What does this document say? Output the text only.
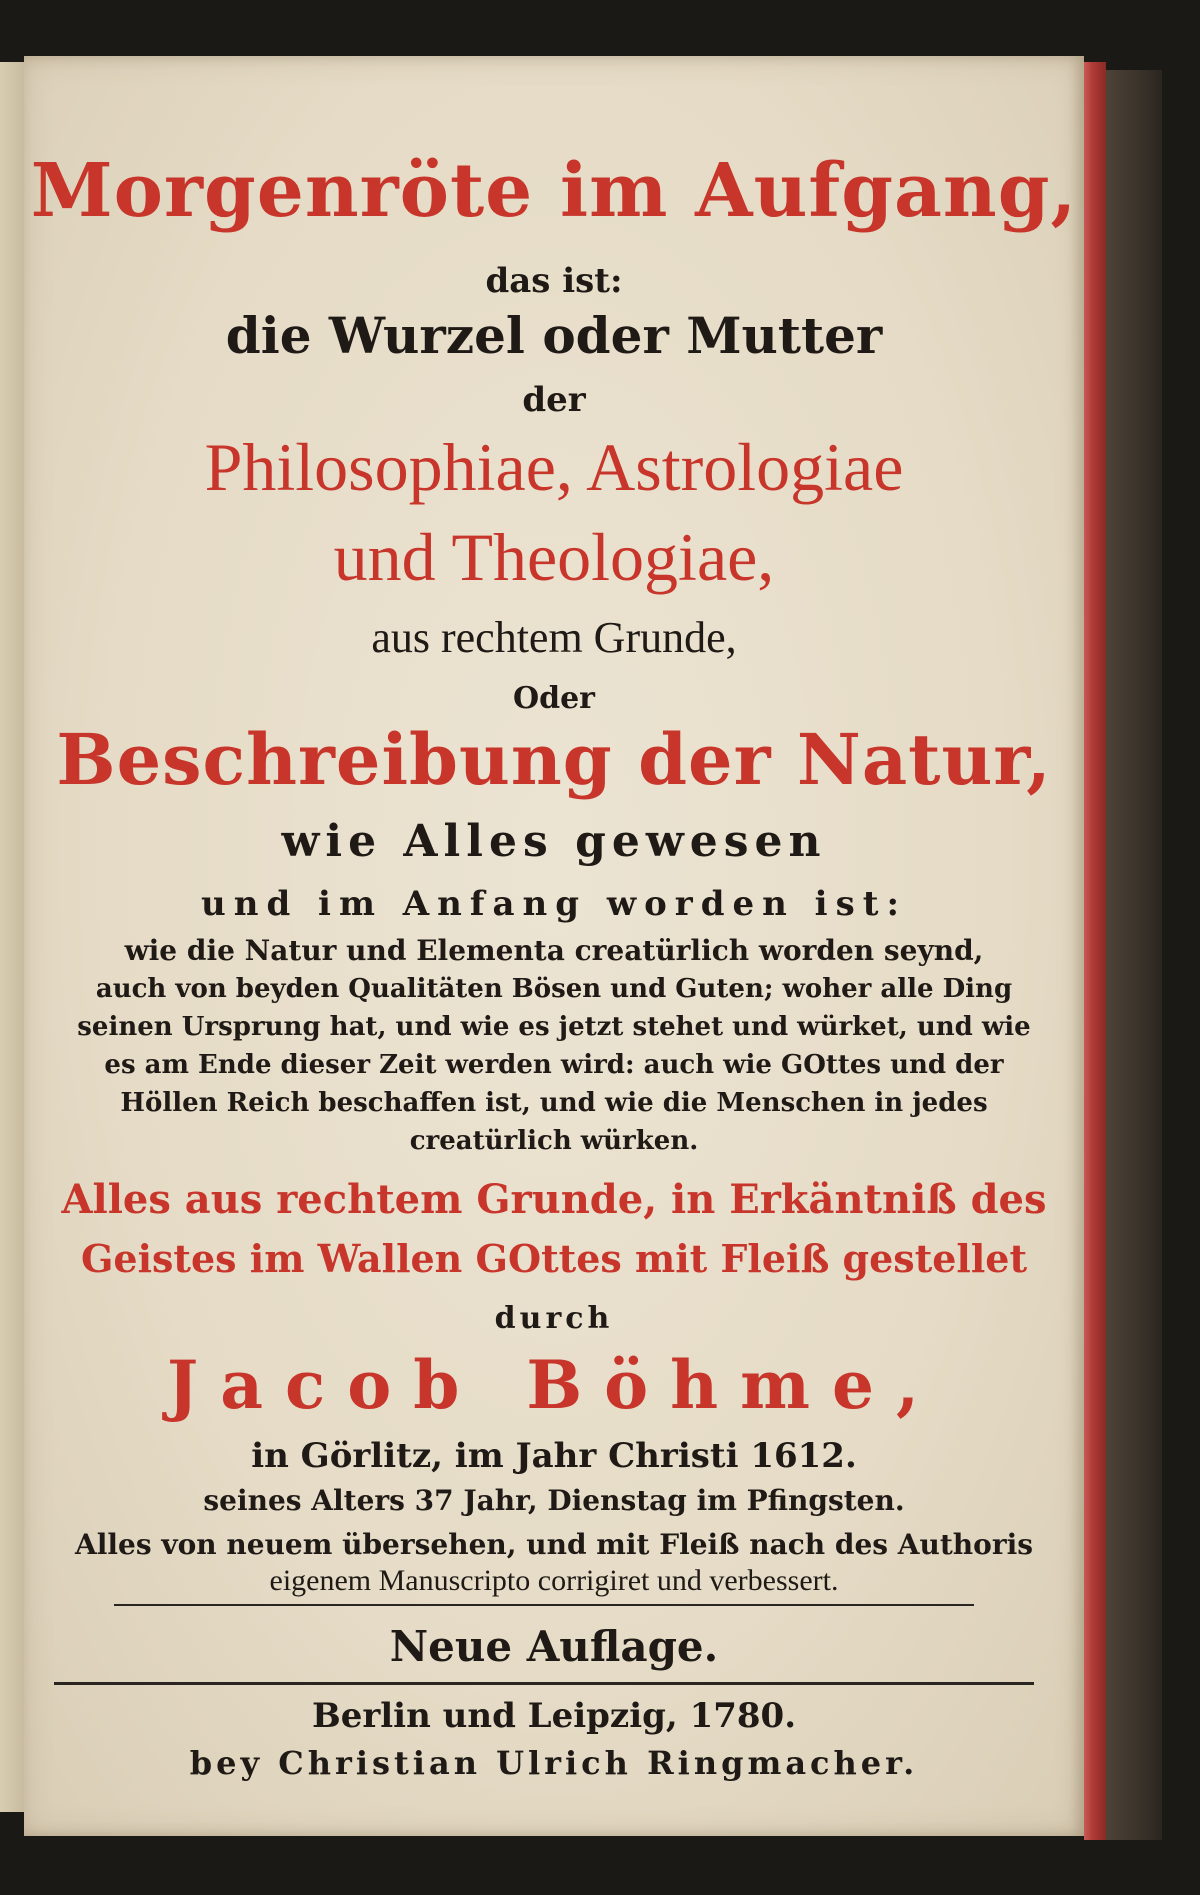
Morgenröte im Aufgang,
das ist:
die Wurzel oder Mutter
der
Philosophiae, Astrologiae
und Theologiae,
aus rechtem Grunde,
Oder
Beschreibung der Natur,
wie Alles gewesen
und im Anfang worden ist:
wie die Natur und Elementa creatürlich worden seynd,
auch von beyden Qualitäten Bösen und Guten; woher alle Ding
seinen Ursprung hat, und wie es jetzt stehet und würket, und wie
es am Ende dieser Zeit werden wird: auch wie GOttes und der
Höllen Reich beschaffen ist, und wie die Menschen in jedes
creatürlich würken.
Alles aus rechtem Grunde, in Erkäntniß des
Geistes im Wallen GOttes mit Fleiß gestellet
durch
Jacob Böhme,
in Görlitz, im Jahr Christi 1612.
seines Alters 37 Jahr, Dienstag im Pfingsten.
Alles von neuem übersehen, und mit Fleiß nach des Authoris
eigenem Manuscripto corrigiret und verbessert.
Neue Auflage.
Berlin und Leipzig, 1780.
bey Christian Ulrich Ringmacher.
